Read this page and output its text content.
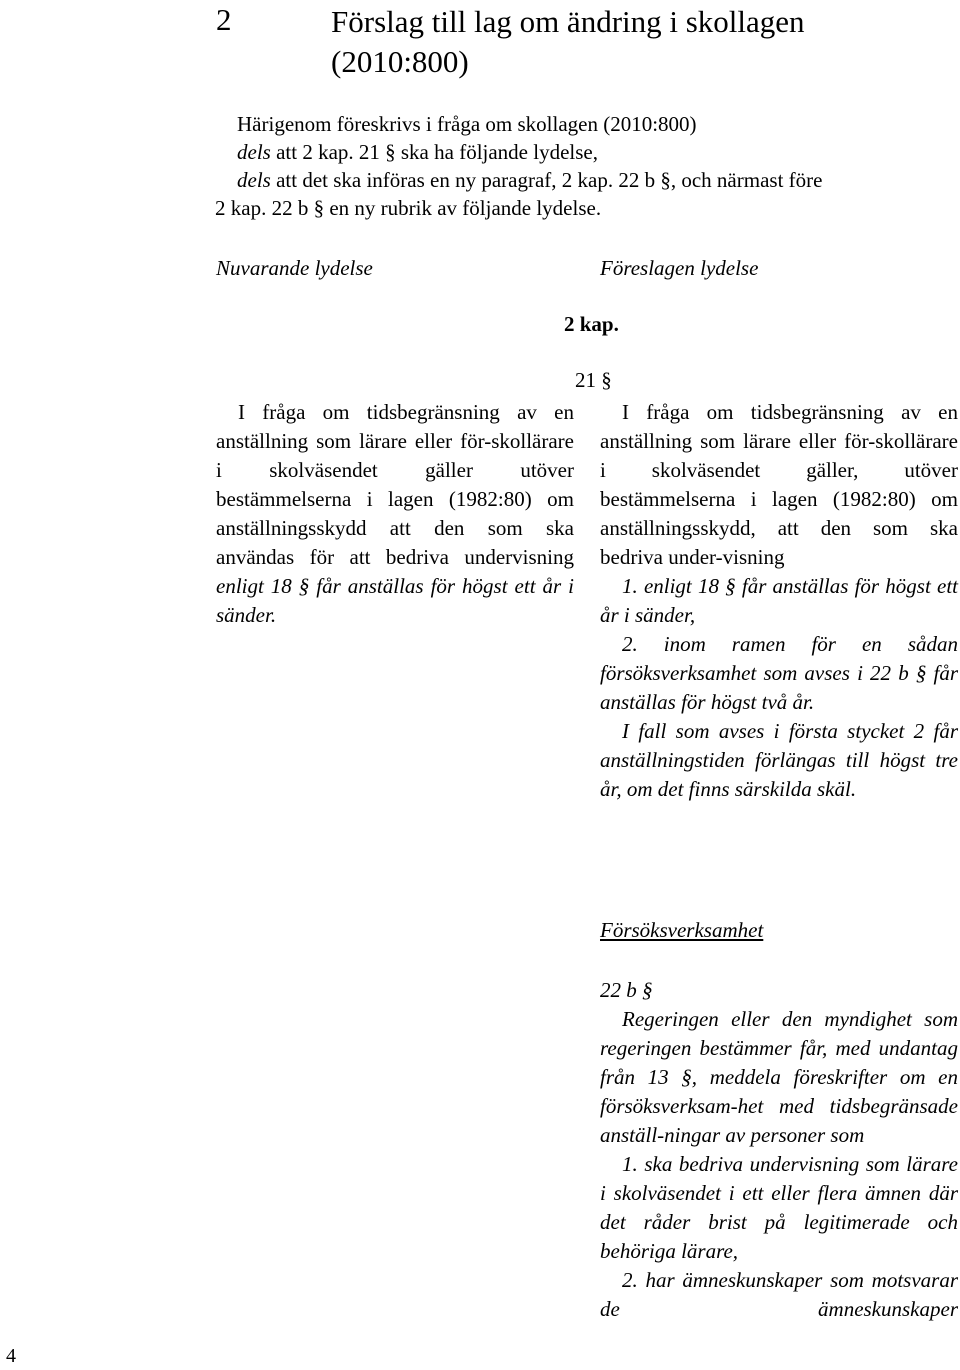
2	Förslag till lag om ändring i skollagen
(2010:800)
Härigenom föreskrivs i fråga om skollagen (2010:800)
dels att 2 kap. 21 § ska ha följande lydelse,
dels att det ska införas en ny paragraf, 2 kap. 22 b §, och närmast före
2 kap. 22 b § en ny rubrik av följande lydelse.
Nuvarande lydelse	Föreslagen lydelse
2 kap.
21 §

I fråga om tidsbegränsning av en anställning som lärare eller för-skollärare i skolväsendet gäller utöver bestämmelserna i lagen (1982:80) om anställningsskydd att den som ska användas för att bedriva undervisning enligt 18 § får anställas för högst ett år i sänder.

I fråga om tidsbegränsning av en anställning som lärare eller för-skollärare i skolväsendet gäller, utöver bestämmelserna i lagen (1982:80) om anställningsskydd, att den som ska bedriva under-visning

1. enligt 18 § får anställas för högst ett år i sänder,

2. inom ramen för en sådan försöksverksamhet som avses i 22 b § får anställas för högst två år.

I fall som avses i första stycket 2 får anställningstiden förlängas till högst tre år, om det finns särskilda skäl.

Försöksverksamhet
22 b §

Regeringen eller den myndighet som regeringen bestämmer får, med undantag från 13 §, meddela föreskrifter om en försöksverksam-het med tidsbegränsade anställ-ningar av personer som

1. ska bedriva undervisning som lärare i skolväsendet i ett eller flera ämnen där det råder brist på legitimerade och behöriga lärare,

2. har ämneskunskaper som motsvarar de ämneskunskaper

4
